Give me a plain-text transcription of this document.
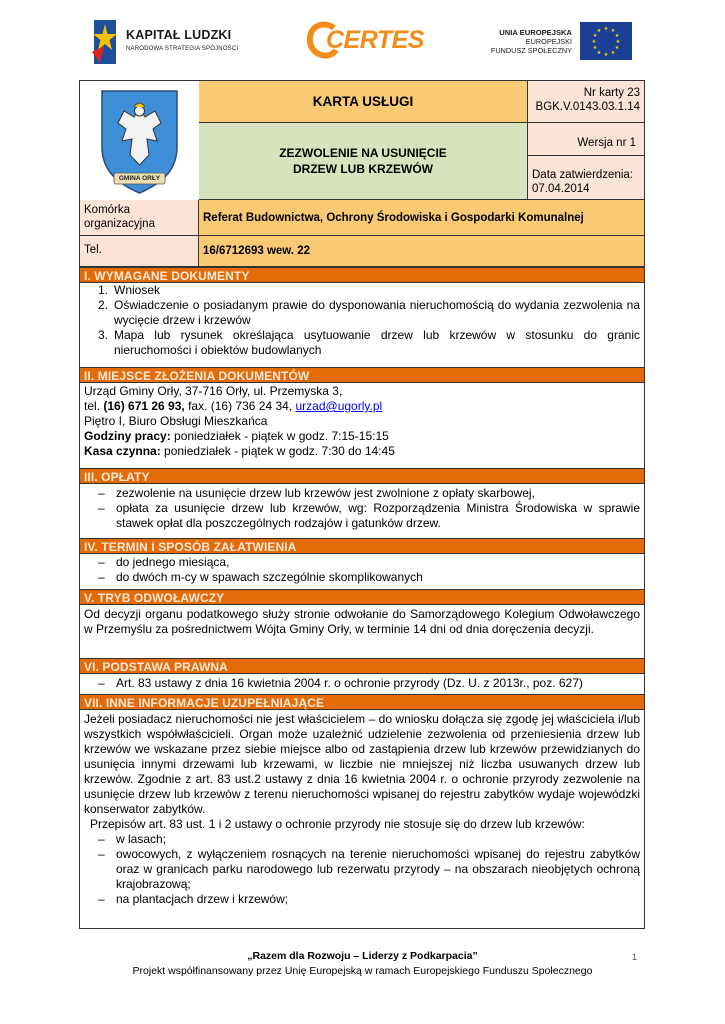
KAPITAŁ LUDZKI
NARODOWA STRATEGIA SPÓJNOŚCI	CERTES	UNIA EUROPEJSKA
EUROPEJSKI
FUNDUSZ SPOŁECZNY
★ ★
★
★
★
★
★
★
★
★
★
★
GMINA ORŁY
KARTA USŁUGI
ZEZWOLENIE NA USUNIĘCIE
DRZEW LUB KRZEWÓW
Nr karty 23
BGK.V.0143.03.1.14
Wersja nr 1
Data zatwierdzenia:
07.04.2014
Komórka organizacyjna	Referat Budownictwa, Ochrony Środowiska i Gospodarki Komunalnej
Tel.	16/6712693 wew. 22
I. WYMAGANE DOKUMENTY
1. Wniosek
2. Oświadczenie o posiadanym prawie do dysponowania nieruchomością do wydania zezwolenia na wycięcie drzew i krzewów
3. Mapa lub rysunek określająca usytuowanie drzew lub krzewów w stosunku do granic nieruchomości i obiektów budowlanych
II. MIEJSCE ZŁOŻENIA DOKUMENTÓW
Urząd Gminy Orły, 37-716 Orły, ul. Przemyska 3,
tel. (16) 671 26 93, fax. (16) 736 24 34, urzad@ugorly.pl
Piętro I, Biuro Obsługi Mieszkańca
Godziny pracy: poniedziałek - piątek w godz. 7:15-15:15
Kasa czynna: poniedziałek - piątek w godz. 7:30 do 14:45
III. OPŁATY
– zezwolenie na usunięcie drzew lub krzewów jest zwolnione z opłaty skarbowej,
– opłata za usunięcie drzew lub krzewów, wg: Rozporządzenia Ministra Środowiska w sprawie stawek opłat dla poszczególnych rodzajów i gatunków drzew.
IV. TERMIN I SPOSÓB ZAŁATWIENIA
– do jednego miesiąca,
– do dwóch m-cy w spawach szczególnie skomplikowanych
V. TRYB ODWOŁAWCZY
Od decyzji organu podatkowego służy stronie odwołanie do Samorządowego Kolegium Odwoławczego w Przemyślu za pośrednictwem Wójta Gminy Orły, w terminie 14 dni od dnia doręczenia decyzji.
VI. PODSTAWA PRAWNA
– Art. 83 ustawy z dnia 16 kwietnia 2004 r. o ochronie przyrody (Dz. U. z 2013r., poz. 627)
VII. INNE INFORMACJE UZUPEŁNIAJĄCE
Jeżeli posiadacz nieruchomości nie jest właścicielem – do wniosku dołącza się zgodę jej właściciela i/lub wszystkich współwłaścicieli. Organ może uzależnić udzielenie zezwolenia od przeniesienia drzew lub krzewów we wskazane przez siebie miejsce albo od zastąpienia drzew lub krzewów przewidzianych do usunięcia innymi drzewami lub krzewami, w liczbie nie mniejszej niż liczba usuwanych drzew lub krzewów. Zgodnie z art. 83 ust.2 ustawy z dnia 16 kwietnia 2004 r. o ochronie przyrody zezwolenie na usunięcie drzew lub krzewów z terenu nieruchomości wpisanej do rejestru zabytków wydaje wojewódzki konserwator zabytków.
Przepisów art. 83 ust. 1 i 2 ustawy o ochronie przyrody nie stosuje się do drzew lub krzewów:
– w lasach;
– owocowych, z wyłączeniem rosnących na terenie nieruchomości wpisanej do rejestru zabytków oraz w granicach parku narodowego lub rezerwatu przyrody – na obszarach nieobjętych ochroną krajobrazową;
– na plantacjach drzew i krzewów;
„Razem dla Rozwoju – Liderzy z Podkarpacia”
Projekt współfinansowany przez Unię Europejską w ramach Europejskiego Funduszu Społecznego
1
